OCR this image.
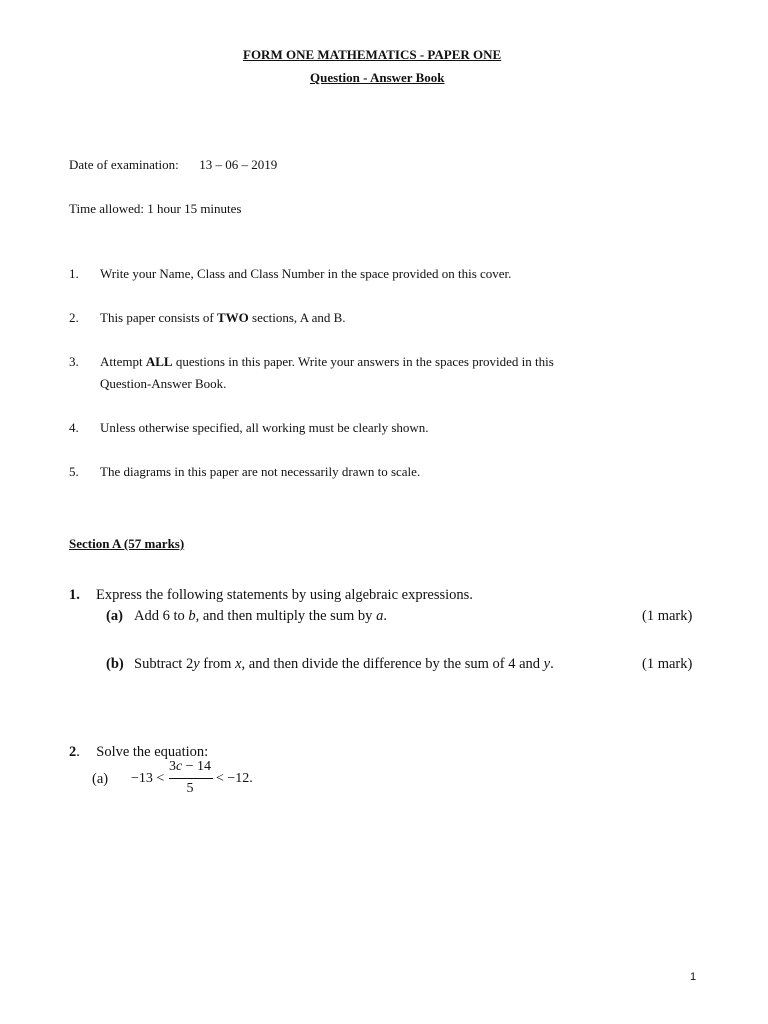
FORM ONE MATHEMATICS - PAPER ONE
Question - Answer Book
Date of examination: 13 – 06 – 2019
Time allowed: 1 hour 15 minutes
1. Write your Name, Class and Class Number in the space provided on this cover.
2. This paper consists of TWO sections, A and B.
3. Attempt ALL questions in this paper. Write your answers in the spaces provided in this
Question-Answer Book.
4. Unless otherwise specified, all working must be clearly shown.
5. The diagrams in this paper are not necessarily drawn to scale.
Section A (57 marks)
1. Express the following statements by using algebraic expressions.
(a) Add 6 to b, and then multiply the sum by a.	(1 mark)
(b) Subtract 2y from x, and then divide the difference by the sum of 4 and y.	(1 mark)
2. Solve the equation:
(a) −13 <
3c − 14
5
< −12.
1
